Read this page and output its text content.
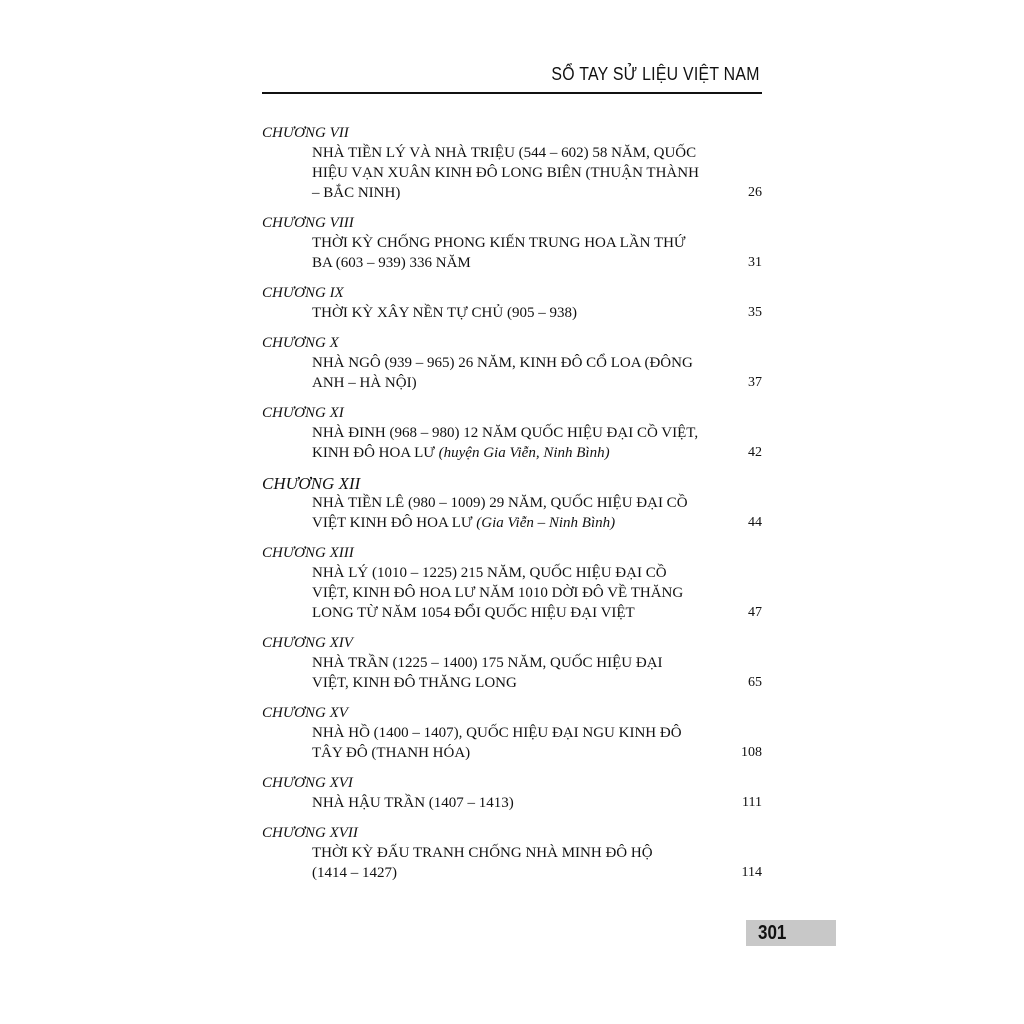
SỔ TAY SỬ LIỆU VIỆT NAM
CHƯƠNG VII
NHÀ TIỀN LÝ VÀ NHÀ TRIỆU (544 – 602) 58 NĂM, QUỐC
HIỆU VẠN XUÂN KINH ĐÔ LONG BIÊN (THUẬN THÀNH
– BẮC NINH)	26
CHƯƠNG VIII
THỜI KỲ CHỐNG PHONG KIẾN TRUNG HOA LẦN THỨ
BA (603 – 939) 336 NĂM	31
CHƯƠNG IX
THỜI KỲ XÂY NỀN TỰ CHỦ (905 – 938)	35
CHƯƠNG X
NHÀ NGÔ (939 – 965) 26 NĂM, KINH ĐÔ CỔ LOA (ĐÔNG
ANH – HÀ NỘI)	37
CHƯƠNG XI
NHÀ ĐINH (968 – 980) 12 NĂM QUỐC HIỆU ĐẠI CỒ VIỆT,
KINH ĐÔ HOA LƯ (huyện Gia Viễn, Ninh Bình)	42
CHƯƠNG XII
NHÀ TIỀN LÊ (980 – 1009) 29 NĂM, QUỐC HIỆU ĐẠI CỒ
VIỆT KINH ĐÔ HOA LƯ (Gia Viễn – Ninh Bình)	44
CHƯƠNG XIII
NHÀ LÝ (1010 – 1225) 215 NĂM, QUỐC HIỆU ĐẠI CỒ
VIỆT, KINH ĐÔ HOA LƯ NĂM 1010 DỜI ĐÔ VỀ THĂNG
LONG TỪ NĂM 1054 ĐỔI QUỐC HIỆU ĐẠI VIỆT	47
CHƯƠNG XIV
NHÀ TRẦN (1225 – 1400) 175 NĂM, QUỐC HIỆU ĐẠI
VIỆT, KINH ĐÔ THĂNG LONG	65
CHƯƠNG XV
NHÀ HỒ (1400 – 1407), QUỐC HIỆU ĐẠI NGU KINH ĐÔ
TÂY ĐÔ (THANH HÓA)	108
CHƯƠNG XVI
NHÀ HẬU TRẦN (1407 – 1413)	111
CHƯƠNG XVII
THỜI KỲ ĐẤU TRANH CHỐNG NHÀ MINH ĐÔ HỘ
(1414 – 1427)	114
301
